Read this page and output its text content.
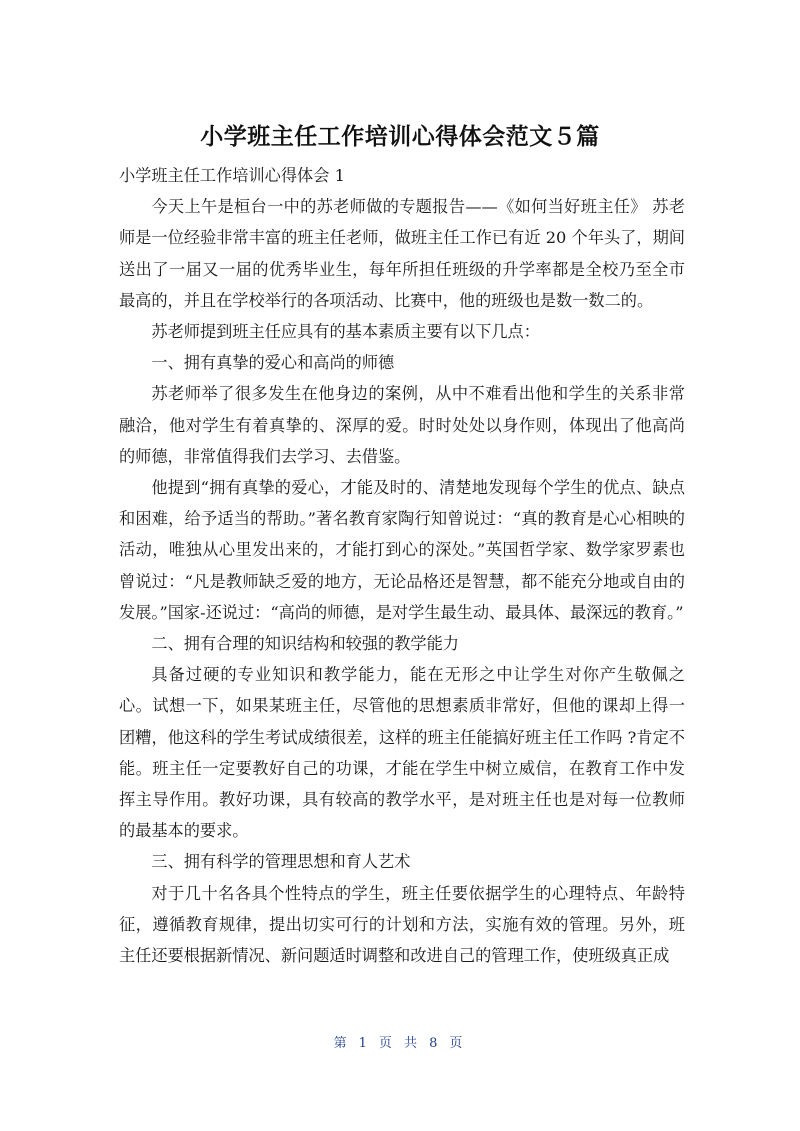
小学班主任工作培训心得体会范文５篇

小学班主任工作培训心得体会 1

今天上午是桓台一中的苏老师做的专题报告——《如何当好班主任》 苏老师是一位经验非常丰富的班主任老师，做班主任工作已有近 20 个年头了，期间送出了一届又一届的优秀毕业生，每年所担任班级的升学率都是全校乃至全市最高的，并且在学校举行的各项活动、比赛中，他的班级也是数一数二的。

苏老师提到班主任应具有的基本素质主要有以下几点：

一、拥有真挚的爱心和高尚的师德

苏老师举了很多发生在他身边的案例，从中不难看出他和学生的关系非常融洽，他对学生有着真挚的、深厚的爱。时时处处以身作则，体现出了他高尚的师德，非常值得我们去学习、去借鉴。

他提到“拥有真挚的爱心，才能及时的、清楚地发现每个学生的优点、缺点和困难，给予适当的帮助。”著名教育家陶行知曾说过：“真的教育是心心相映的活动，唯独从心里发出来的，才能打到心的深处。”英国哲学家、数学家罗素也曾说过：“凡是教师缺乏爱的地方，无论品格还是智慧，都不能充分地或自由的发展。”国家-还说过：“高尚的师德，是对学生最生动、最具体、最深远的教育。”

二、拥有合理的知识结构和较强的教学能力

具备过硬的专业知识和教学能力，能在无形之中让学生对你产生敬佩之心。试想一下，如果某班主任，尽管他的思想素质非常好，但他的课却上得一团糟，他这科的学生考试成绩很差，这样的班主任能搞好班主任工作吗 ?肯定不能。班主任一定要教好自己的功课，才能在学生中树立威信，在教育工作中发挥主导作用。教好功课，具有较高的教学水平，是对班主任也是对每一位教师的最基本的要求。

三、拥有科学的管理思想和育人艺术

对于几十名各具个性特点的学生，班主任要依据学生的心理特点、年龄特征，遵循教育规律，提出切实可行的计划和方法，实施有效的管理。另外，班主任还要根据新情况、新问题适时调整和改进自己的管理工作，使班级真正成

第 1 页 共 8 页
